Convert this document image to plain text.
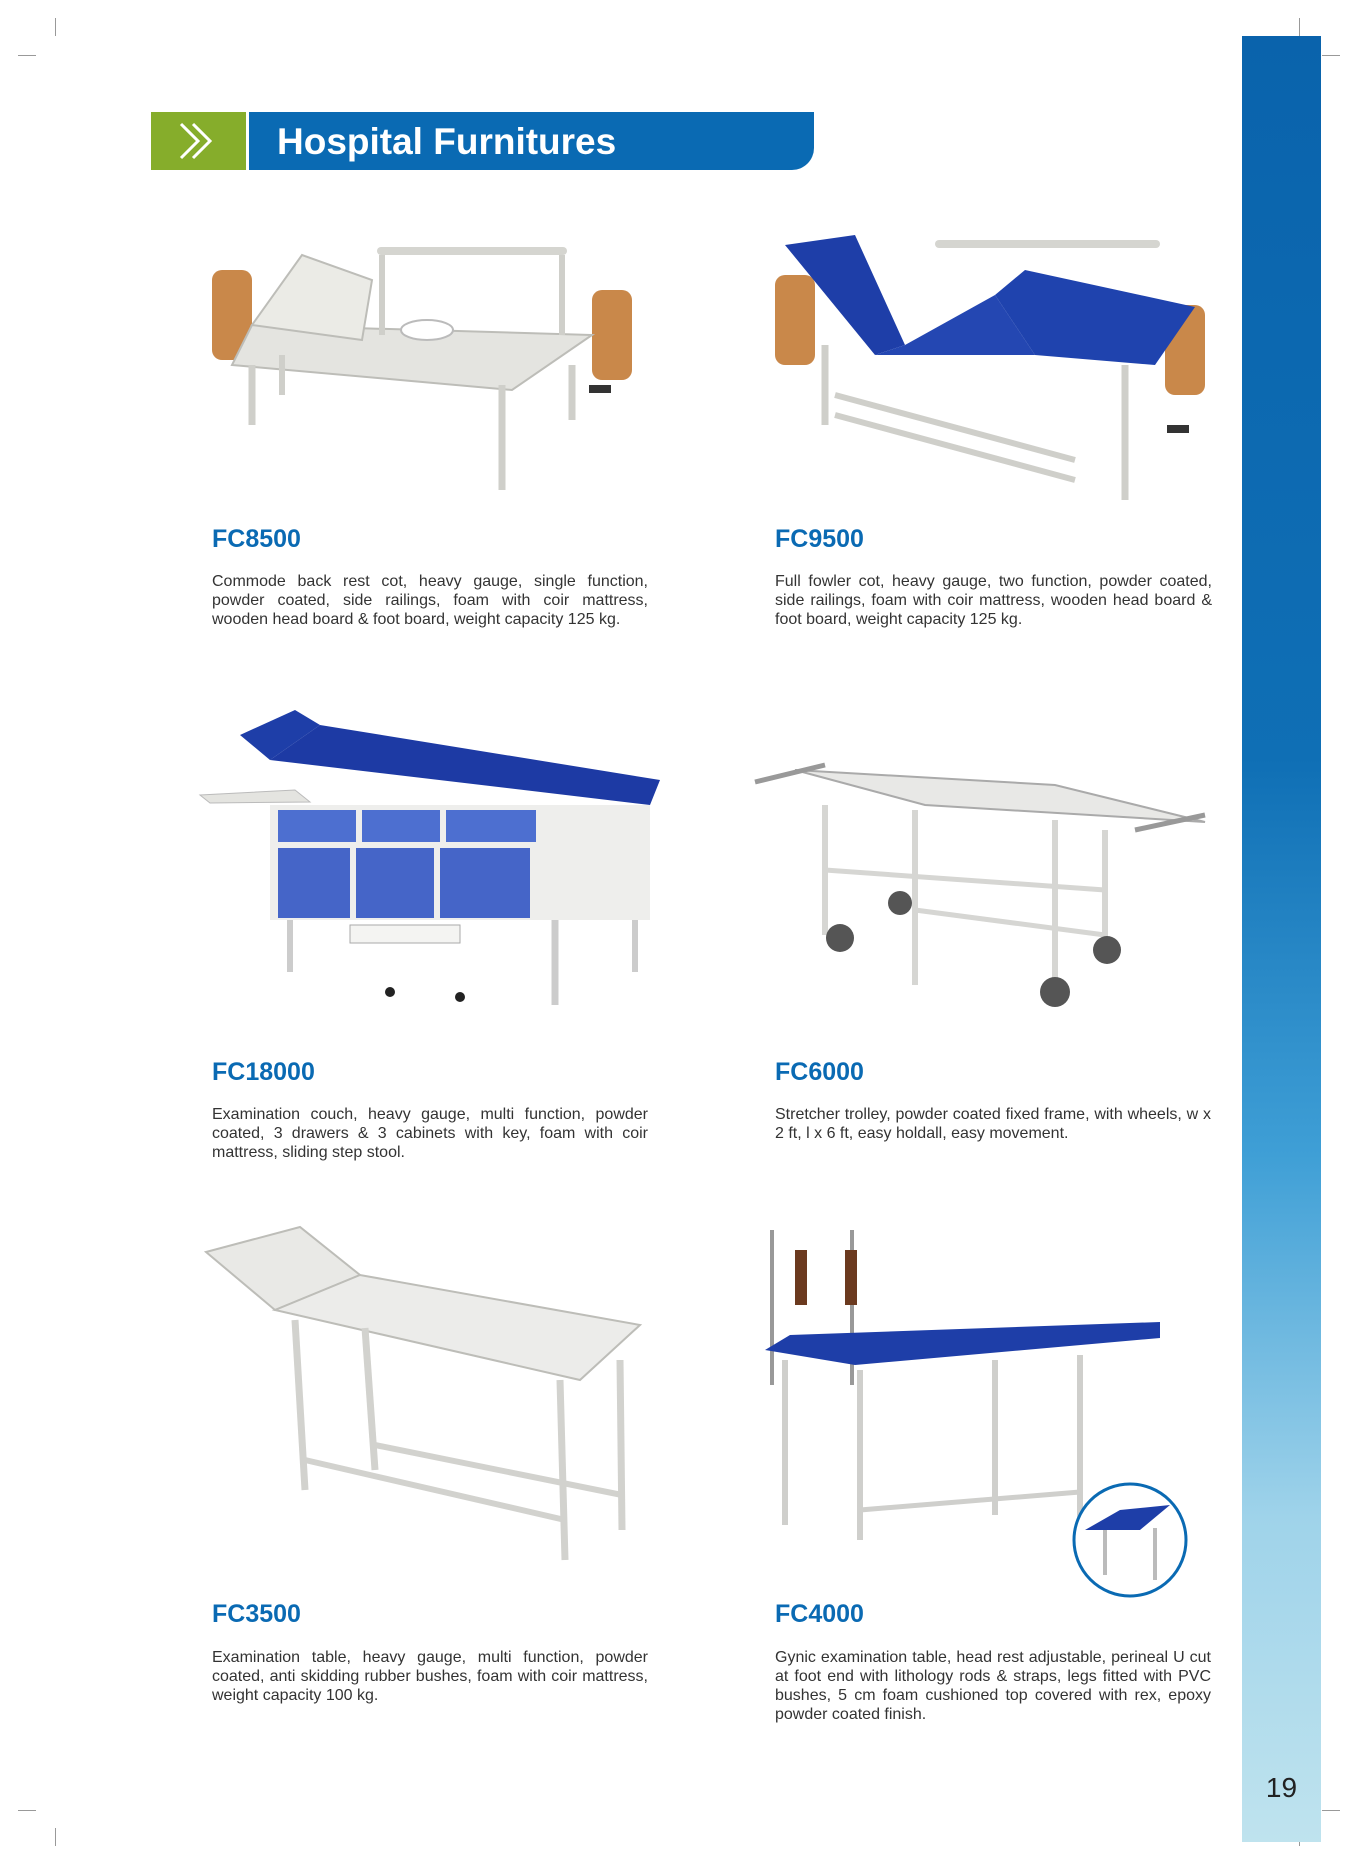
19
Hospital Furnitures
FC8500
Commode back rest cot, heavy gauge, single function, powder coated, side railings, foam with coir mattress, wooden head board & foot board, weight capacity 125 kg.
FC9500
Full fowler cot, heavy gauge, two function, powder coated, side railings, foam with coir mattress, wooden head board & foot board, weight capacity 125 kg.
FC18000
Examination couch, heavy gauge, multi function, powder coated, 3 drawers & 3 cabinets with key, foam with coir mattress, sliding step stool.
FC6000
Stretcher trolley, powder coated fixed frame, with wheels, w x 2 ft, l x 6 ft, easy holdall, easy movement.
FC3500
Examination table, heavy gauge, multi function, powder coated, anti skidding rubber bushes, foam with coir mattress, weight capacity 100 kg.
FC4000
Gynic examination table, head rest adjustable, perineal U cut at foot end with lithology rods & straps, legs fitted with PVC bushes, 5 cm foam cushioned top covered with rex, epoxy powder coated finish.
